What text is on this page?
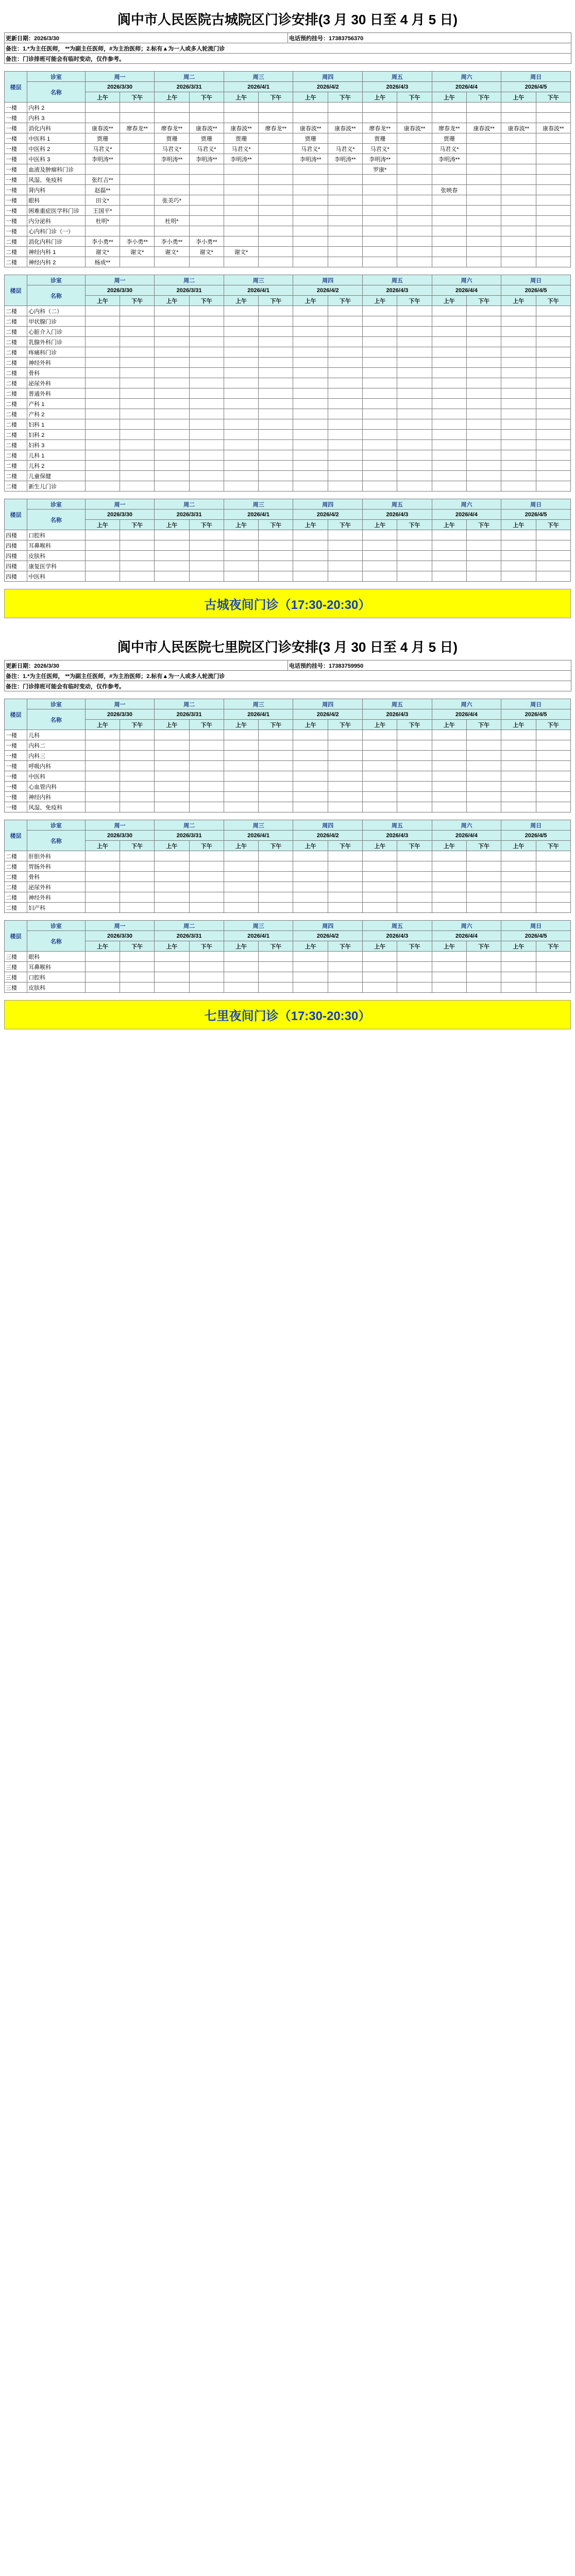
阆中市人民医院古城院区门诊安排(3 月 30 日至 4 月 5 日)
更新日期：2026/3/30	电话预约挂号：17383756370
备注：1.*为主任医师， **为副主任医师，#为主治医师；2.标有▲为一人或多人轮流门诊
备注：门诊排班可能会有临时变动，仅作参考。
楼层	诊室	周一		周二		周三		周四		周五		周六		周日	
	名称	2026/3/30		2026/3/31		2026/4/1		2026/4/2		2026/4/3		2026/4/4		2026/4/5	
		上午	下午	上午	下午	上午	下午	上午	下午	上午	下午	上午	下午	上午	下午
一楼	内科 2														
一楼	内科 3														
一楼	消化内科	康春波**	廖春龙**	廖春龙**	康春波**	康春波**	廖春龙**	康春波**	康春波**	廖春龙**	康春波**	廖春龙**	康春波**	康春波**	康春波**
一楼	中医科 1	贾珊		贾珊	贾珊	贾珊		贾珊		贾珊		贾珊			
一楼	中医科 2	马君义*		马君义*	马君义*	马君义*		马君义*	马君义*	马君义*		马君义*			
一楼	中医科 3	李明涛**		李明涛**	李明涛**	李明涛**		李明涛**	李明涛**	李明涛**		李明涛**			
一楼	血液及肿瘤科门诊									罗康*					
一楼	风湿、免疫科	张红吉**													
一楼	肾内科	赵磊**										张映春			
一楼	眼科	田文*		张美巧*											
一楼	困难重症医学科门诊	王国平*													
一楼	内分泌科	杜明*		杜明*											
一楼	心内科门诊（一）														
二楼	消化内科门诊	李小勇**	李小勇**	李小勇**	李小勇**										
二楼	神经内科 1	谢文*	谢文*	谢文*	谢文*	谢文*									
二楼	神经内科 2	杨成**													
楼层	诊室	周一		周二		周三		周四		周五		周六		周日	
	名称	2026/3/30		2026/3/31		2026/4/1		2026/4/2		2026/4/3		2026/4/4		2026/4/5	
		上午	下午	上午	下午	上午	下午	上午	下午	上午	下午	上午	下午	上午	下午
二楼	心内科（二）														
二楼	甲状腺门诊														
二楼	心脏介入门诊														
二楼	乳腺外科门诊														
二楼	疼痛科门诊														
二楼	神经外科														
二楼	骨科														
二楼	泌尿外科														
二楼	普通外科														
二楼	产科 1														
二楼	产科 2														
二楼	妇科 1														
二楼	妇科 2														
二楼	妇科 3														
二楼	儿科 1														
二楼	儿科 2														
二楼	儿童保健														
二楼	新生儿门诊														
楼层	诊室	周一		周二		周三		周四		周五		周六		周日	
	名称	2026/3/30		2026/3/31		2026/4/1		2026/4/2		2026/4/3		2026/4/4		2026/4/5	
		上午	下午	上午	下午	上午	下午	上午	下午	上午	下午	上午	下午	上午	下午
四楼	口腔科														
四楼	耳鼻喉科														
四楼	皮肤科														
四楼	康复医学科														
四楼	中医科														
古城夜间门诊（17:30-20:30）
阆中市人民医院七里院区门诊安排(3 月 30 日至 4 月 5 日)
更新日期：2026/3/30	电话预约挂号：17383759950
备注：1.*为主任医师， **为副主任医师，#为主治医师；2.标有▲为一人或多人轮流门诊
备注：门诊排班可能会有临时变动，仅作参考。
楼层	诊室	周一		周二		周三		周四		周五		周六		周日	
	名称	2026/3/30		2026/3/31		2026/4/1		2026/4/2		2026/4/3		2026/4/4		2026/4/5	
		上午	下午	上午	下午	上午	下午	上午	下午	上午	下午	上午	下午	上午	下午
一楼	儿科														
一楼	内科二														
一楼	内科三														
一楼	呼吸内科														
一楼	中医科														
一楼	心血管内科														
一楼	神经内科														
一楼	风湿、免疫科														
楼层	诊室	周一		周二		周三		周四		周五		周六		周日	
	名称	2026/3/30		2026/3/31		2026/4/1		2026/4/2		2026/4/3		2026/4/4		2026/4/5	
		上午	下午	上午	下午	上午	下午	上午	下午	上午	下午	上午	下午	上午	下午
二楼	肝胆外科														
二楼	胃肠外科														
二楼	骨科														
二楼	泌尿外科														
二楼	神经外科														
二楼	妇产科														
楼层	诊室	周一		周二		周三		周四		周五		周六		周日	
	名称	2026/3/30		2026/3/31		2026/4/1		2026/4/2		2026/4/3		2026/4/4		2026/4/5	
		上午	下午	上午	下午	上午	下午	上午	下午	上午	下午	上午	下午	上午	下午
三楼	眼科														
三楼	耳鼻喉科														
三楼	口腔科														
三楼	皮肤科														
七里夜间门诊（17:30-20:30）
